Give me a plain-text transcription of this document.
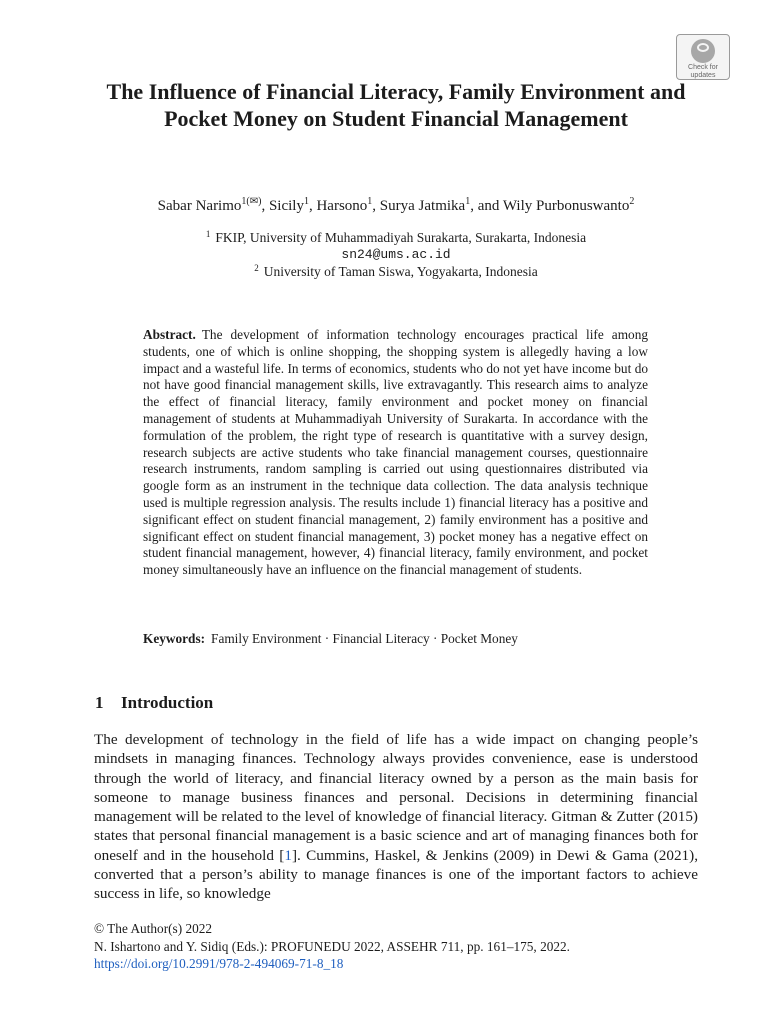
Check for
updates
The Influence of Financial Literacy, Family Environment and Pocket Money on Student Financial Management
Sabar Narimo$^{1(✉)}$, Sicily$^1$, Harsono$^1$, Surya Jatmika$^1$, and Wily Purbonuswanto$^2$
$^1$ FKIP, University of Muhammadiyah Surakarta, Surakarta, Indonesia
sn24@ums.ac.id
$^2$ University of Taman Siswa, Yogyakarta, Indonesia

Abstract. The development of information technology encourages practical life among students, one of which is online shopping, the shopping system is allegedly having a low impact and a wasteful life. In terms of economics, students who do not yet have income but do not have good financial management skills, live extravagantly. This research aims to analyze the effect of financial literacy, family environment and pocket money on financial management of students at Muhammadiyah University of Surakarta. In accordance with the formulation of the problem, the right type of research is quantitative with a survey design, research subjects are active students who take financial management courses, questionnaire research instruments, random sampling is carried out using questionnaires distributed via google form as an instrument in the technique data collection. The data analysis technique used is multiple regression analysis. The results include 1) financial literacy has a positive and significant effect on student financial management, 2) family environment has a positive and significant effect on student financial management, 3) pocket money has a negative effect on student financial management, however, 4) financial literacy, family environment, and pocket money simultaneously have an influence on the financial management of students.

Keywords: Family Environment · Financial Literacy · Pocket Money
1 Introduction

The development of technology in the field of life has a wide impact on changing people’s mindsets in managing finances. Technology always provides convenience, ease is understood through the world of literacy, and financial literacy owned by a person as the main basis for someone to manage business finances and personal. Decisions in determining financial management will be related to the level of knowledge of financial literacy. Gitman & Zutter (2015) states that personal financial management is a basic science and art of managing finances both for oneself and in the household [1]. Cummins, Haskel, & Jenkins (2009) in Dewi & Gama (2021), converted that a person’s ability to manage finances is one of the important factors to achieve success in life, so knowledge

© The Author(s) 2022
N. Ishartono and Y. Sidiq (Eds.): PROFUNEDU 2022, ASSEHR 711, pp. 161–175, 2022.
https://doi.org/10.2991/978-2-494069-71-8_18
